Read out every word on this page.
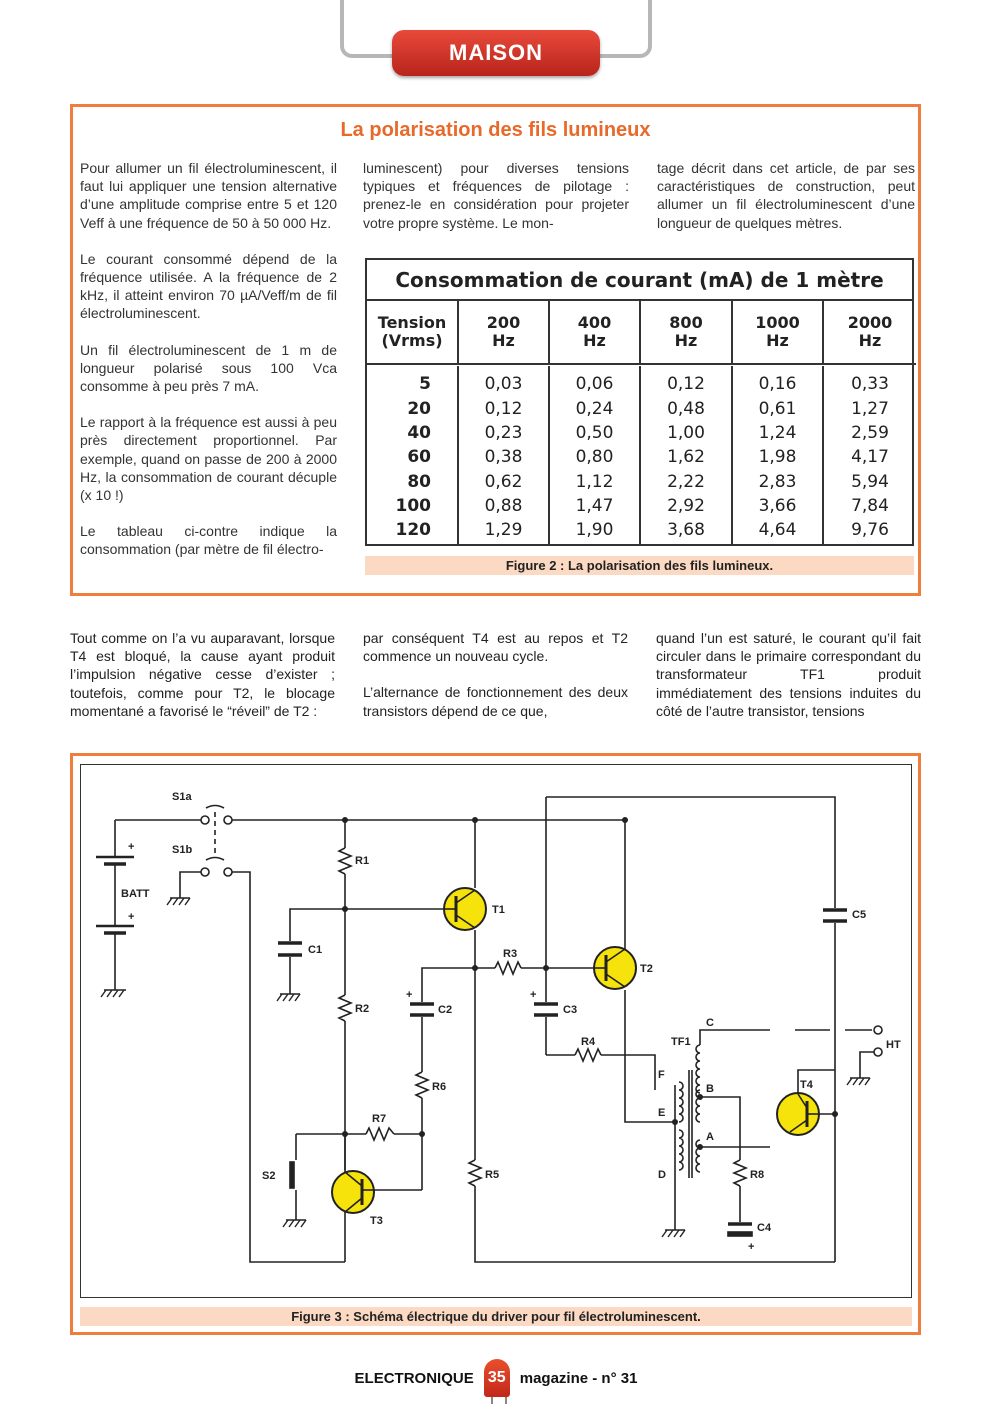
MAISON
La polarisation des fils lumineux

Pour allumer un fil électroluminescent, il faut lui appliquer une tension alternative d’une amplitude comprise entre 5 et 120 Veff à une fréquence de 50 à 50 000 Hz.

Le courant consommé dépend de la fréquence utilisée. A la fréquence de 2 kHz, il atteint environ 70 µA/Veff/m de fil électroluminescent.

Un fil électroluminescent de 1 m de longueur polarisé sous 100 Vca consomme à peu près 7 mA.

Le rapport à la fréquence est aussi à peu près directement proportionnel. Par exemple, quand on passe de 200 à 2000 Hz, la consommation de courant décuple (x 10 !)

Le tableau ci-contre indique la consommation (par mètre de fil électro-

luminescent) pour diverses tensions typiques et fréquences de pilotage : prenez-le en considération pour projeter votre propre système. Le mon-
tage décrit dans cet article, de par ses caractéristiques de construction, peut allumer un fil électroluminescent d’une longueur de quelques mètres.
Consommation de courant (mA) de 1 mètre
Tension
(Vrms)
200
Hz
400
Hz
800
Hz
1000
Hz
2000
Hz
5
20
40
60
80
100
120
0,03
0,12
0,23
0,38
0,62
0,88
1,29
0,06
0,24
0,50
0,80
1,12
1,47
1,90
0,12
0,48
1,00
1,62
2,22
2,92
3,68
0,16
0,61
1,24
1,98
2,83
3,66
4,64
0,33
1,27
2,59
4,17
5,94
7,84
9,76
Figure 2 : La polarisation des fils lumineux.
Tout comme on l’a vu auparavant, lorsque T4 est bloqué, la cause ayant produit l’impulsion négative cesse d’exister ; toutefois, comme pour T2, le blocage momentané a favorisé le “réveil” de T2 :

par conséquent T4 est au repos et T2 commence un nouveau cycle.

L’alternance de fonctionnement des deux transistors dépend de ce que,

quand l’un est saturé, le courant qu’il fait circuler dans le primaire correspondant du transformateur TF1 produit immédiatement des tensions induites du côté de l’autre transistor, tensions
S1a
S1b
+
BATT
+
R1
C1
R2
T1
R3
T2
+
C2
+
C3
R4
R6
R7
S2
T3
R5
C5
TF1
C
F
B
E
A
D	R8
C4
+
T4
HT
Figure 3 : Schéma électrique du driver pour fil électroluminescent.
ELECTRONIQUE 35 magazine - n° 31
